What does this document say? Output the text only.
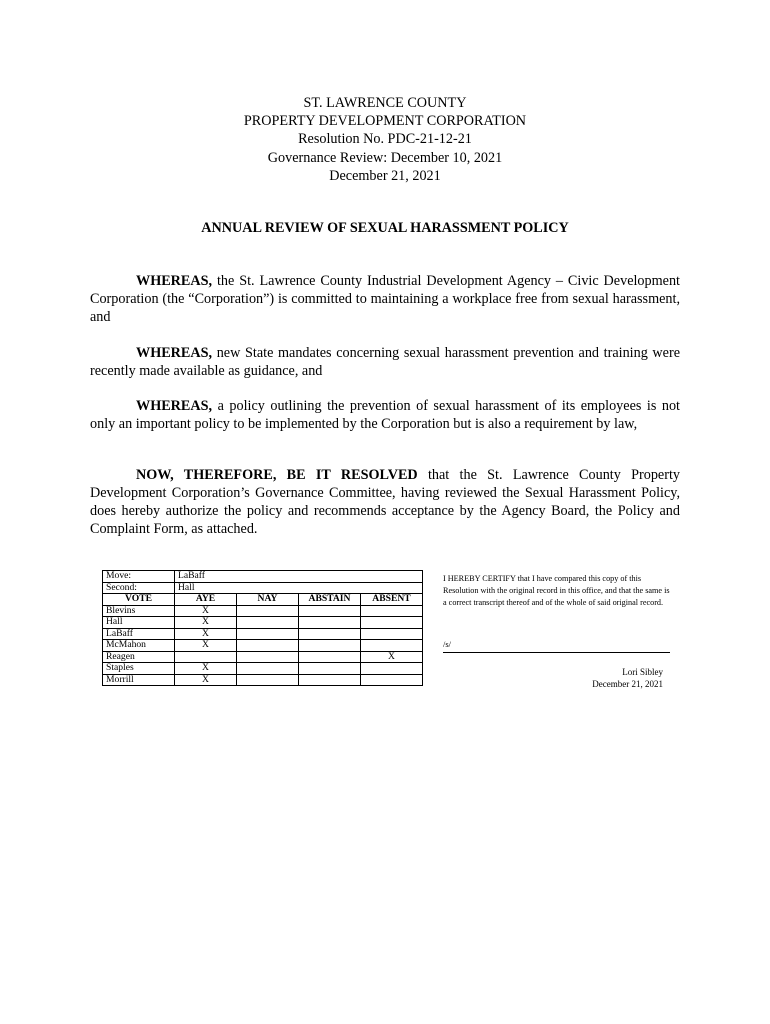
ST. LAWRENCE COUNTY
PROPERTY DEVELOPMENT CORPORATION
Resolution No. PDC-21-12-21
Governance Review: December 10, 2021
December 21, 2021
ANNUAL REVIEW OF SEXUAL HARASSMENT POLICY
WHEREAS, the St. Lawrence County Industrial Development Agency – Civic Development Corporation (the “Corporation”) is committed to maintaining a workplace free from sexual harassment, and
WHEREAS, new State mandates concerning sexual harassment prevention and training were recently made available as guidance, and
WHEREAS, a policy outlining the prevention of sexual harassment of its employees is not only an important policy to be implemented by the Corporation but is also a requirement by law,
NOW, THEREFORE, BE IT RESOLVED that the St. Lawrence County Property Development Corporation’s Governance Committee, having reviewed the Sexual Harassment Policy, does hereby authorize the policy and recommends acceptance by the Agency Board, the Policy and Complaint Form, as attached.
Move:	LaBaff			
Second:	Hall			
VOTE	AYE	NAY	ABSTAIN	ABSENT
Blevins	X			
Hall	X			
LaBaff	X			
McMahon	X			
Reagen				X
Staples	X			
Morrill	X			
I HEREBY CERTIFY that I have compared this copy of this Resolution with the original record in this office, and that the same is a correct transcript thereof and of the whole of said original record.
/s/
Lori Sibley
December 21, 2021
